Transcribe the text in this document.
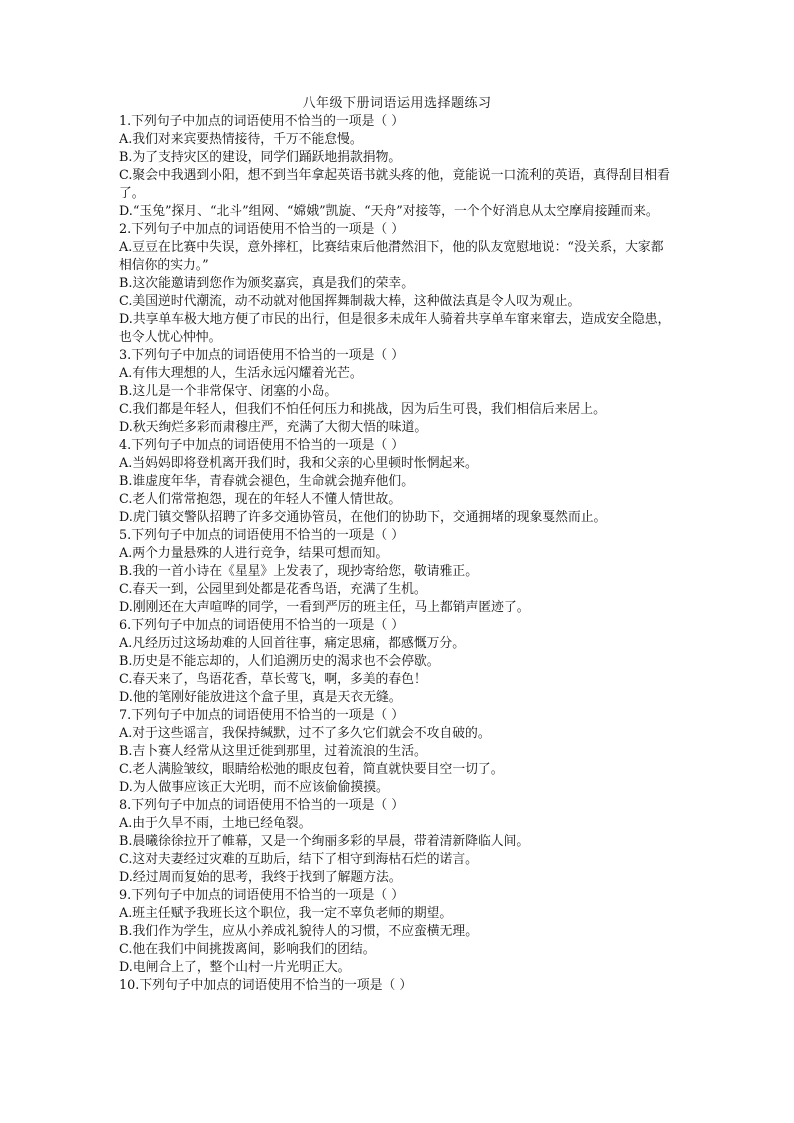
八年级下册词语运用选择题练习
1.下列句子中加点的词语使用不恰当的一项是（ ）
A.我们对来宾要热情接待，千万不能怠慢。
B.为了支持灾区的建设，同学们踊跃地捐款捐物。
C.聚会中我遇到小阳，想不到当年拿起英语书就头疼的他，竟能说一口流利的英语，真得刮目相看了。
D.“玉兔”探月、“北斗”组网、“嫦娥”凯旋、“天舟”对接等，一个个好消息从太空摩肩接踵而来。
2.下列句子中加点的词语使用不恰当的一项是（ ）
A.豆豆在比赛中失误，意外摔杠，比赛结束后他潸然泪下，他的队友宽慰地说：“没关系，大家都相信你的实力。”
B.这次能邀请到您作为颁奖嘉宾，真是我们的荣幸。
C.美国逆时代潮流，动不动就对他国挥舞制裁大棒，这种做法真是令人叹为观止。
D.共享单车极大地方便了市民的出行，但是很多未成年人骑着共享单车窜来窜去，造成安全隐患，也令人忧心忡忡。
3.下列句子中加点的词语使用不恰当的一项是（ ）
A.有伟大理想的人，生活永远闪耀着光芒。
B.这儿是一个非常保守、闭塞的小岛。
C.我们都是年轻人，但我们不怕任何压力和挑战，因为后生可畏，我们相信后来居上。
D.秋天绚烂多彩而肃穆庄严，充满了大彻大悟的味道。
4.下列句子中加点的词语使用不恰当的一项是（ ）
A.当妈妈即将登机离开我们时，我和父亲的心里顿时怅惘起来。
B.谁虚度年华，青春就会褪色，生命就会抛弃他们。
C.老人们常常抱怨，现在的年轻人不懂人情世故。
D.虎门镇交警队招聘了许多交通协管员，在他们的协助下，交通拥堵的现象戛然而止。
5.下列句子中加点的词语使用不恰当的一项是（ ）
A.两个力量悬殊的人进行竞争，结果可想而知。
B.我的一首小诗在《星星》上发表了，现抄寄给您，敬请雅正。
C.春天一到，公园里到处都是花香鸟语，充满了生机。
D.刚刚还在大声喧哗的同学，一看到严厉的班主任，马上都销声匿迹了。
6.下列句子中加点的词语使用不恰当的一项是（ ）
A.凡经历过这场劫难的人回首往事，痛定思痛，都感慨万分。
B.历史是不能忘却的，人们追溯历史的渴求也不会停歇。
C.春天来了，鸟语花香，草长莺飞，啊，多美的春色！
D.他的笔刚好能放进这个盒子里，真是天衣无缝。
7.下列句子中加点的词语使用不恰当的一项是（ ）
A.对于这些谣言，我保持缄默，过不了多久它们就会不攻自破的。
B.吉卜赛人经常从这里迁徙到那里，过着流浪的生活。
C.老人满脸皱纹，眼睛给松弛的眼皮包着，简直就快要目空一切了。
D.为人做事应该正大光明，而不应该偷偷摸摸。
8.下列句子中加点的词语使用不恰当的一项是（ ）
A.由于久旱不雨，土地已经龟裂。
B.晨曦徐徐拉开了帷幕，又是一个绚丽多彩的早晨，带着清新降临人间。
C.这对夫妻经过灾难的互助后，结下了相守到海枯石烂的诺言。
D.经过周而复始的思考，我终于找到了解题方法。
9.下列句子中加点的词语使用不恰当的一项是（ ）
A.班主任赋予我班长这个职位，我一定不辜负老师的期望。
B.我们作为学生，应从小养成礼貌待人的习惯，不应蛮横无理。
C.他在我们中间挑拨离间，影响我们的团结。
D.电闸合上了，整个山村一片光明正大。
10.下列句子中加点的词语使用不恰当的一项是（ ）
